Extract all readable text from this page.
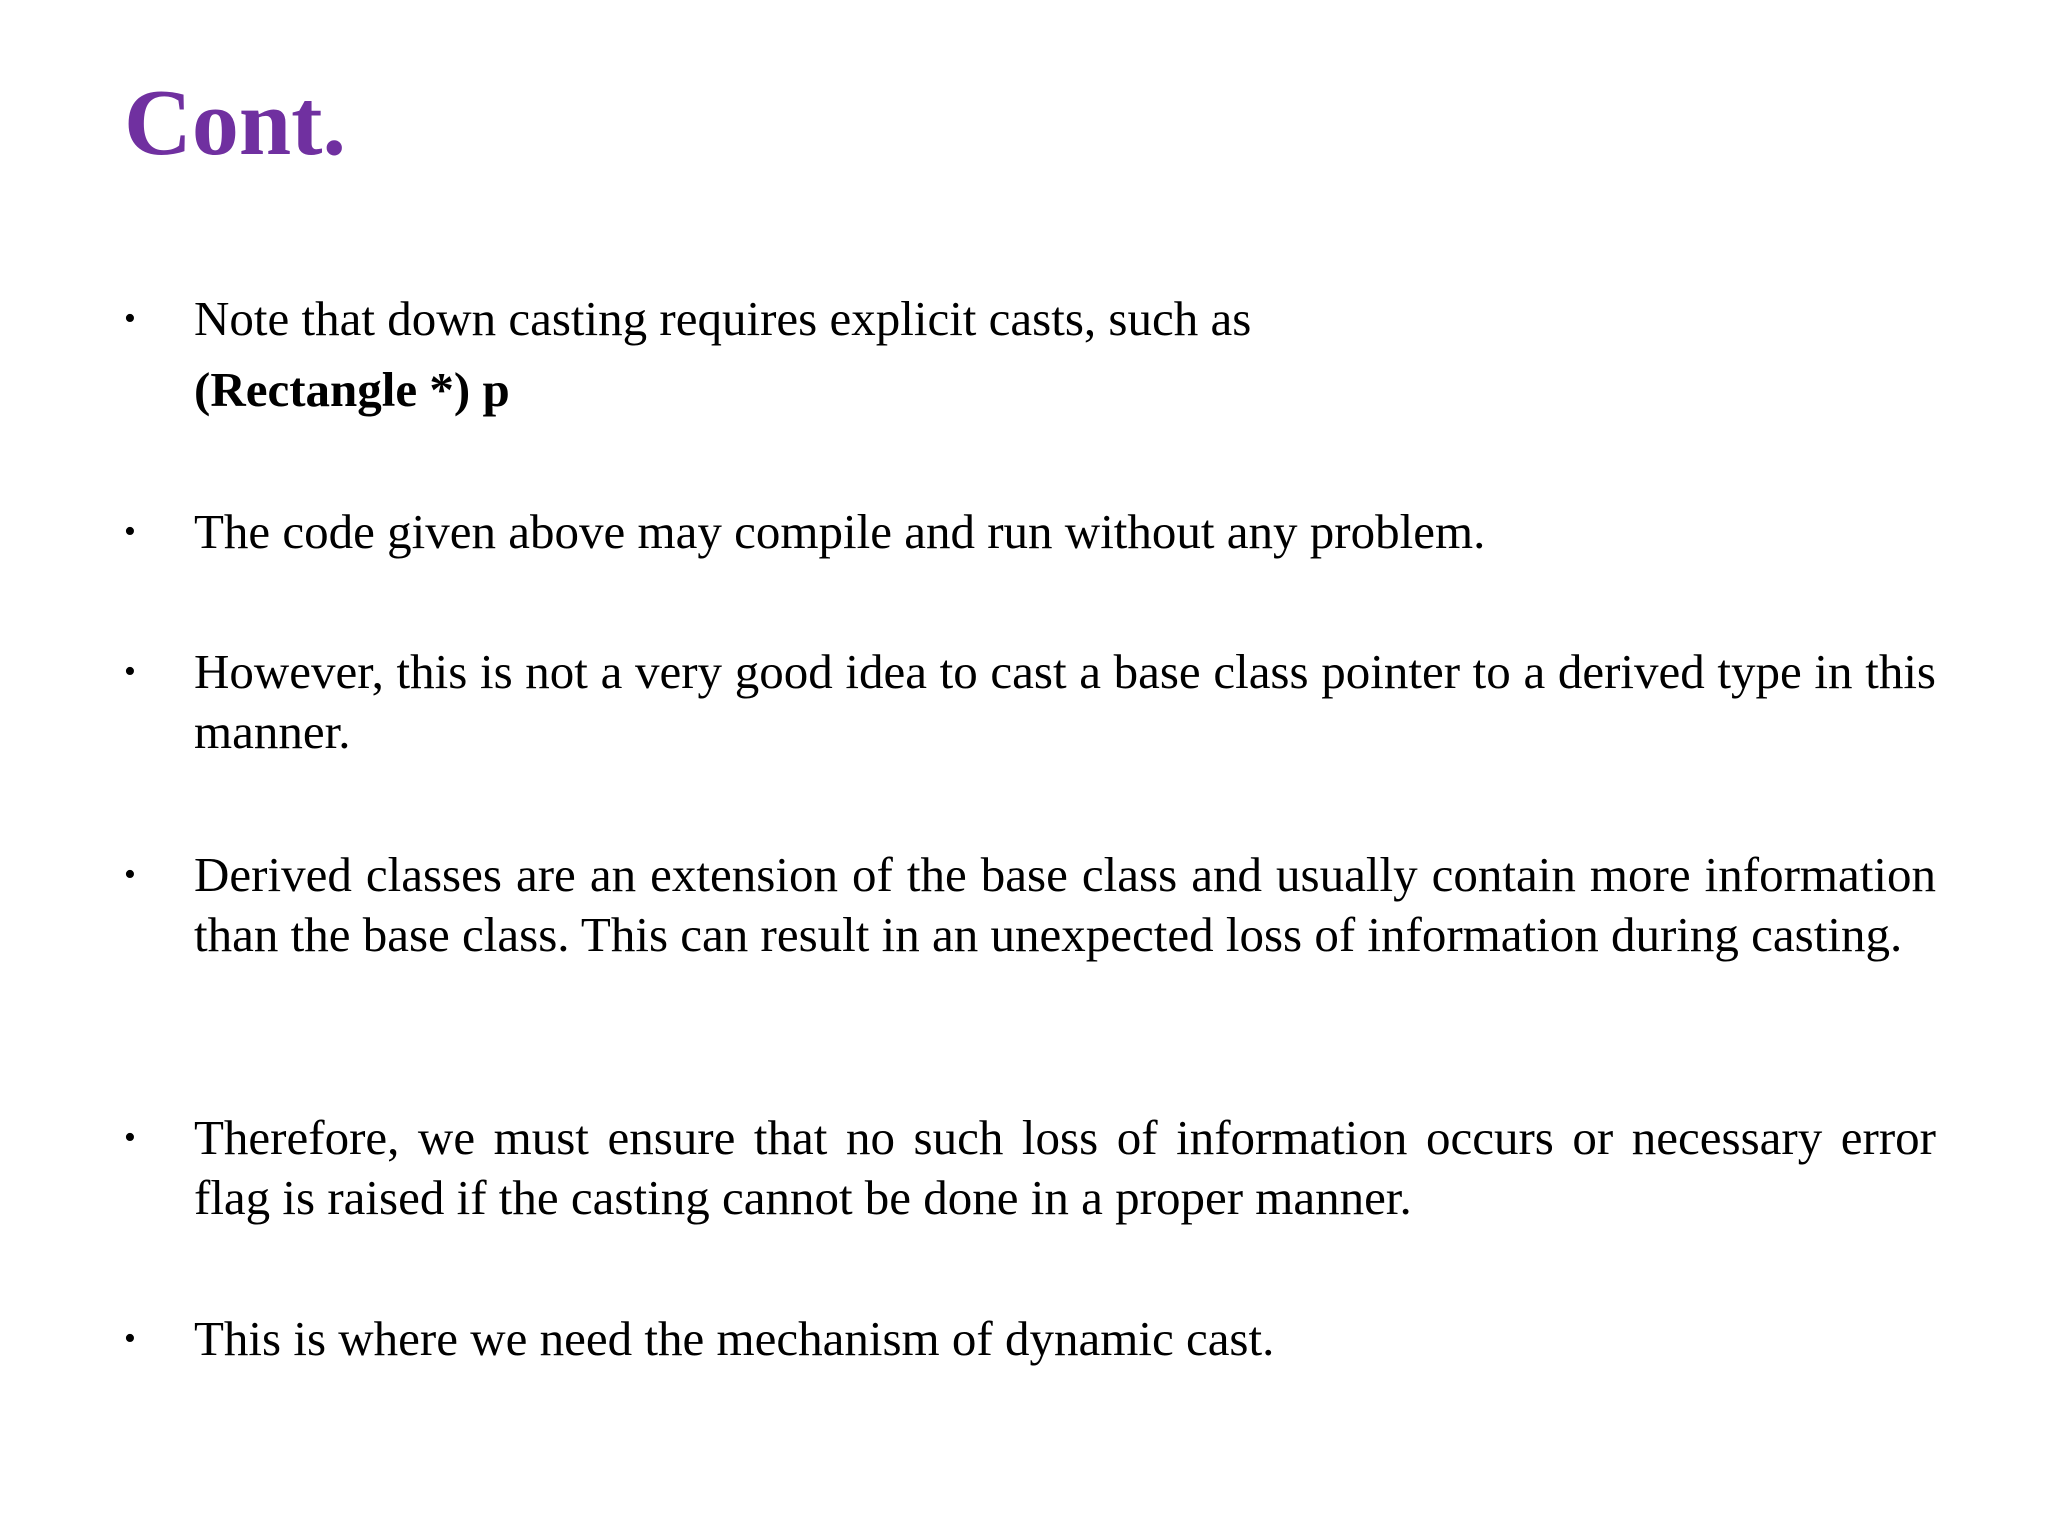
Cont.
•	Note that down casting requires explicit casts, such as
(Rectangle *) p
•	The code given above may compile and run without any problem.
•	However, this is not a very good idea to cast a base class pointer to a derived type in this manner.
•	Derived classes are an extension of the base class and usually contain more information than the base class. This can result in an unexpected loss of information during casting.
•	Therefore, we must ensure that no such loss of information occurs or necessary error flag is raised if the casting cannot be done in a proper manner.
•	This is where we need the mechanism of dynamic cast.
